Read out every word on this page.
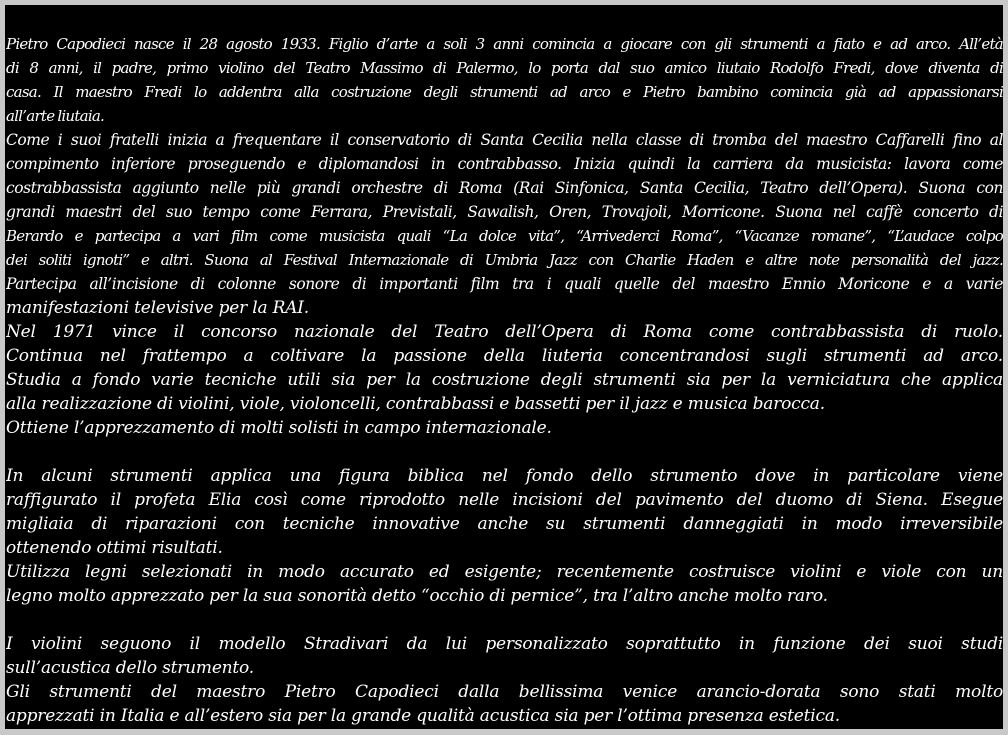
Pietro Capodieci nasce il 28 agosto 1933. Figlio d’arte a soli 3 anni comincia a giocare con gli strumenti a fiato e ad arco. All’età
di 8 anni, il padre, primo violino del Teatro Massimo di Palermo, lo porta dal suo amico liutaio Rodolfo Fredi, dove diventa di
casa. Il maestro Fredi lo addentra alla costruzione degli strumenti ad arco e Pietro bambino comincia già ad appassionarsi
all’arte liutaia.
Come i suoi fratelli inizia a frequentare il conservatorio di Santa Cecilia nella classe di tromba del maestro Caffarelli fino al
compimento inferiore proseguendo e diplomandosi in contrabbasso. Inizia quindi la carriera da musicista: lavora come
costrabbassista aggiunto nelle più grandi orchestre di Roma (Rai Sinfonica, Santa Cecilia, Teatro dell’Opera). Suona con
grandi maestri del suo tempo come Ferrara, Previstali, Sawalish, Oren, Trovajoli, Morricone. Suona nel caffè concerto di
Berardo e partecipa a vari film come musicista quali “La dolce vita”, “Arrivederci Roma”, “Vacanze romane”, “L’audace colpo
dei soliti ignoti” e altri. Suona al Festival Internazionale di Umbria Jazz con Charlie Haden e altre note personalità del jazz.
Partecipa all’incisione di colonne sonore di importanti film tra i quali quelle del maestro Ennio Moricone e a varie
manifestazioni televisive per la RAI.
Nel 1971 vince il concorso nazionale del Teatro dell’Opera di Roma come contrabbassista di ruolo.
Continua nel frattempo a coltivare la passione della liuteria concentrandosi sugli strumenti ad arco.
Studia a fondo varie tecniche utili sia per la costruzione degli strumenti sia per la verniciatura che applica
alla realizzazione di violini, viole, violoncelli, contrabbassi e bassetti per il jazz e musica barocca.
Ottiene l’apprezzamento di molti solisti in campo internazionale.
In alcuni strumenti applica una figura biblica nel fondo dello strumento dove in particolare viene
raffigurato il profeta Elia così come riprodotto nelle incisioni del pavimento del duomo di Siena. Esegue
migliaia di riparazioni con tecniche innovative anche su strumenti danneggiati in modo irreversibile
ottenendo ottimi risultati.
Utilizza legni selezionati in modo accurato ed esigente; recentemente costruisce violini e viole con un
legno molto apprezzato per la sua sonorità detto “occhio di pernice”, tra l’altro anche molto raro.
I violini seguono il modello Stradivari da lui personalizzato soprattutto in funzione dei suoi studi
sull’acustica dello strumento.
Gli strumenti del maestro Pietro Capodieci dalla bellissima venice arancio-dorata sono stati molto
apprezzati in Italia e all’estero sia per la grande qualità acustica sia per l’ottima presenza estetica.
